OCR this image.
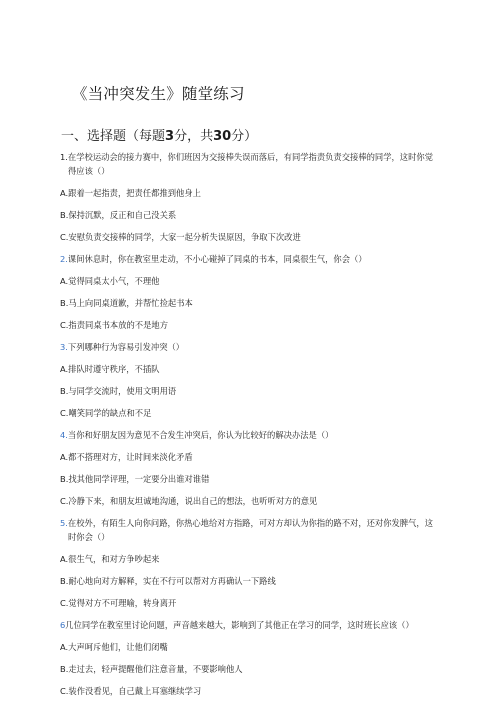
《当冲突发生》随堂练习
一、选择题（每题3分，共30分）
1.在学校运动会的接力赛中，你们班因为交接棒失误而落后，有同学指责负责交接棒的同学，这时你觉
得应该（）
A.跟着一起指责，把责任都推到他身上
B.保持沉默，反正和自己没关系
C.安慰负责交接棒的同学，大家一起分析失误原因，争取下次改进
2.课间休息时，你在教室里走动，不小心碰掉了同桌的书本，同桌很生气，你会（）
A.觉得同桌太小气，不理他
B.马上向同桌道歉，并帮忙捡起书本
C.指责同桌书本放的不是地方
3.下列哪种行为容易引发冲突（）
A.排队时遵守秩序，不插队
B.与同学交流时，使用文明用语
C.嘲笑同学的缺点和不足
4.当你和好朋友因为意见不合发生冲突后，你认为比较好的解决办法是（）
A.都不搭理对方，让时间来淡化矛盾
B.找其他同学评理，一定要分出谁对谁错
C.冷静下来，和朋友坦诚地沟通，说出自己的想法，也听听对方的意见
5.在校外，有陌生人向你问路，你热心地给对方指路，可对方却认为你指的路不对，还对你发脾气，这
时你会（）
A.很生气，和对方争吵起来
B.耐心地向对方解释，实在不行可以帮对方再确认一下路线
C.觉得对方不可理喻，转身离开
6几位同学在教室里讨论问题，声音越来越大，影响到了其他正在学习的同学，这时班长应该（）
A.大声呵斥他们，让他们闭嘴
B.走过去，轻声提醒他们注意音量，不要影响他人
C.装作没看见，自己戴上耳塞继续学习
